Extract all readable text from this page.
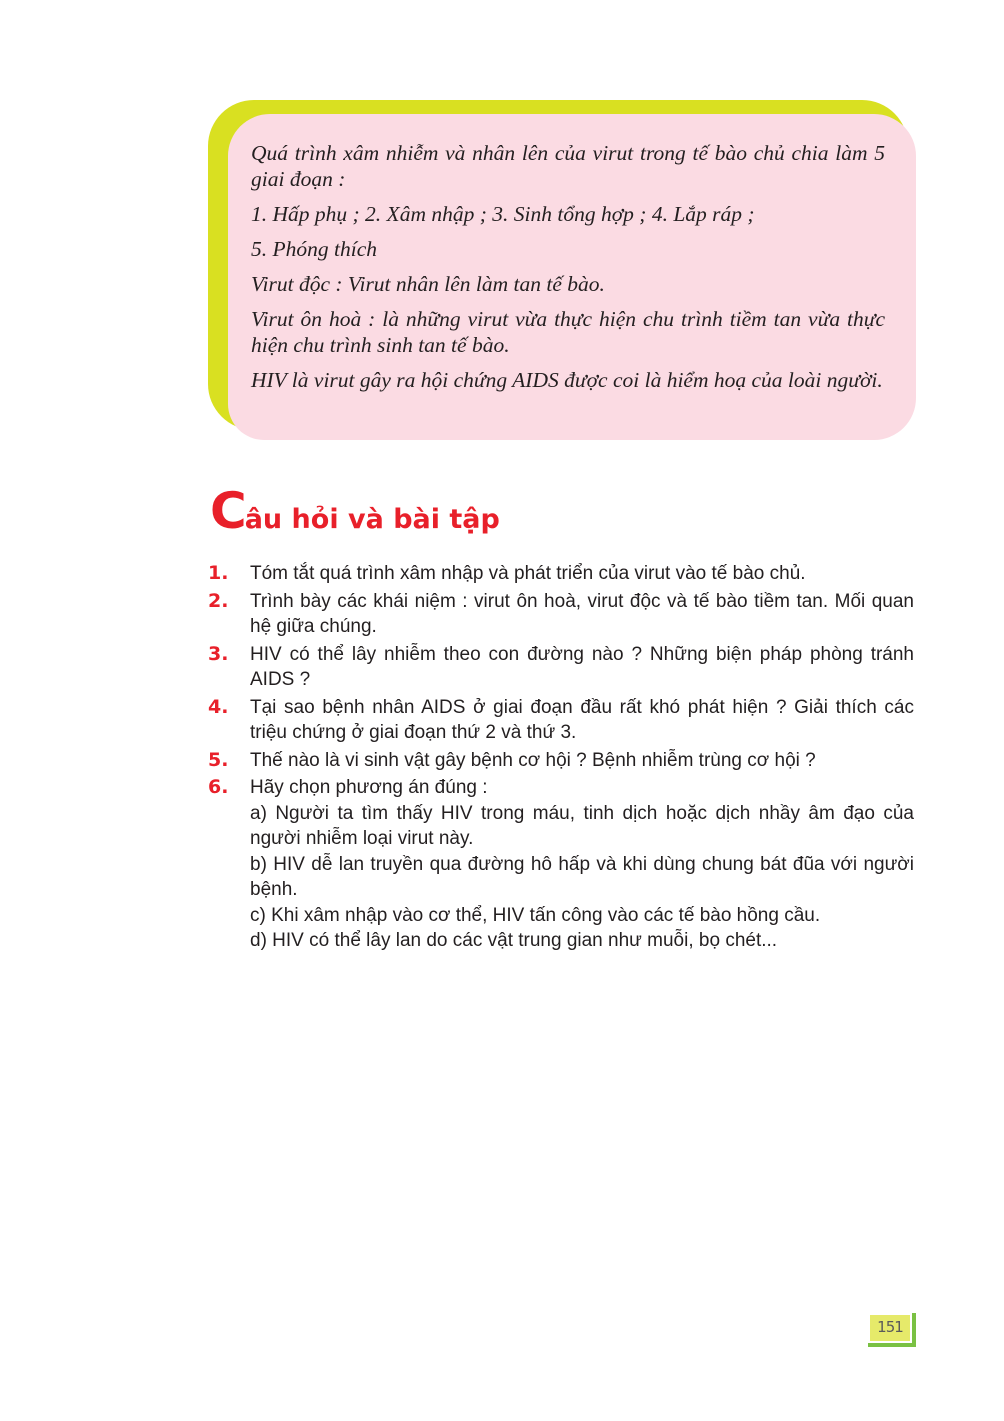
Quá trình xâm nhiễm và nhân lên của virut trong tế bào chủ chia làm 5 giai đoạn :

1. Hấp phụ ; 2. Xâm nhập ; 3. Sinh tổng hợp ; 4. Lắp ráp ;

5. Phóng thích

Virut độc : Virut nhân lên làm tan tế bào.

Virut ôn hoà : là những virut vừa thực hiện chu trình tiềm tan vừa thực hiện chu trình sinh tan tế bào.

HIV là virut gây ra hội chứng AIDS được coi là hiểm hoạ của loài người.

Câu hỏi và bài tập
1. Tóm tắt quá trình xâm nhập và phát triển của virut vào tế bào chủ.
2. Trình bày các khái niệm : virut ôn hoà, virut độc và tế bào tiềm tan. Mối quan hệ giữa chúng.
3. HIV có thể lây nhiễm theo con đường nào ? Những biện pháp phòng tránh AIDS ?
4. Tại sao bệnh nhân AIDS ở giai đoạn đầu rất khó phát hiện ? Giải thích các triệu chứng ở giai đoạn thứ 2 và thứ 3.
5. Thế nào là vi sinh vật gây bệnh cơ hội ? Bệnh nhiễm trùng cơ hội ?
6. Hãy chọn phương án đúng :
a) Người ta tìm thấy HIV trong máu, tinh dịch hoặc dịch nhầy âm đạo của người nhiễm loại virut này.
b) HIV dễ lan truyền qua đường hô hấp và khi dùng chung bát đũa với người bệnh.
c) Khi xâm nhập vào cơ thể, HIV tấn công vào các tế bào hồng cầu.
d) HIV có thể lây lan do các vật trung gian như muỗi, bọ chét...
151
